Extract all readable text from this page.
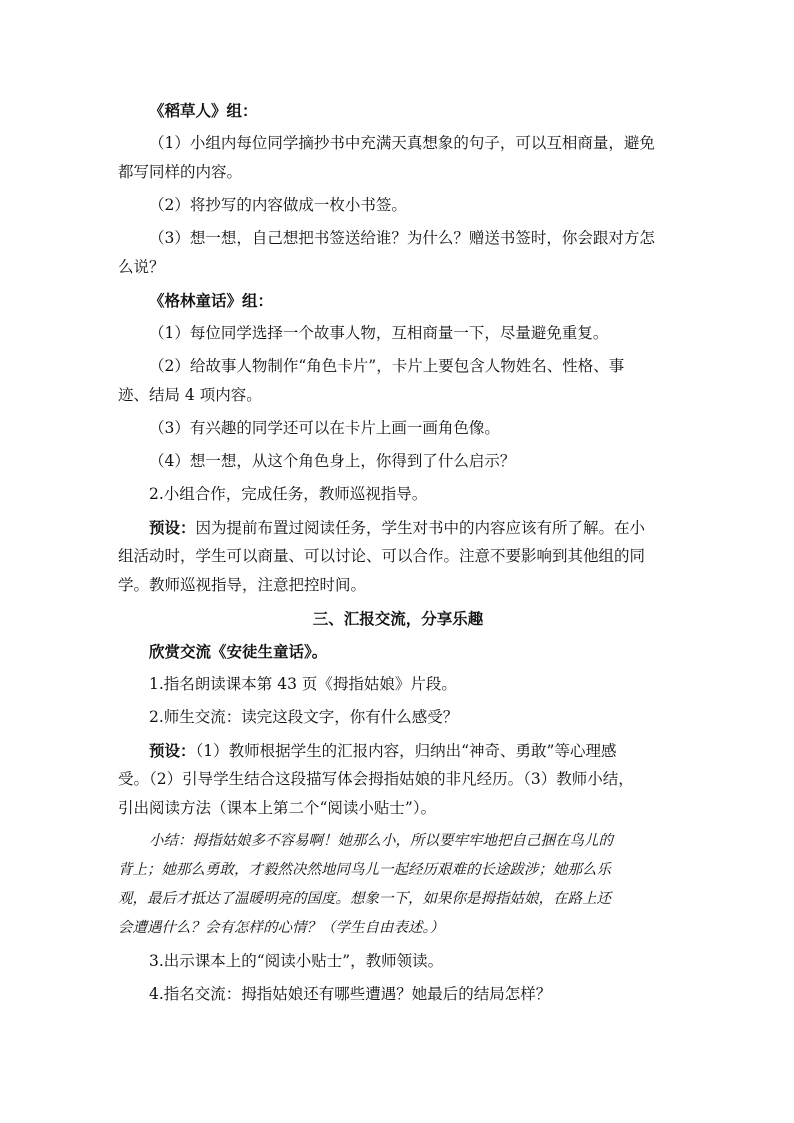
《稻草人》组：

（1）小组内每位同学摘抄书中充满天真想象的句子，可以互相商量，避免

都写同样的内容。

（2）将抄写的内容做成一枚小书签。

（3）想一想，自己想把书签送给谁？为什么？赠送书签时，你会跟对方怎

么说？

《格林童话》组：

（1）每位同学选择一个故事人物，互相商量一下，尽量避免重复。

（2）给故事人物制作“角色卡片”，卡片上要包含人物姓名、性格、事

迹、结局 4 项内容。

（3）有兴趣的同学还可以在卡片上画一画角色像。

（4）想一想，从这个角色身上，你得到了什么启示？

2.小组合作，完成任务，教师巡视指导。

预设：因为提前布置过阅读任务，学生对书中的内容应该有所了解。在小

组活动时，学生可以商量、可以讨论、可以合作。注意不要影响到其他组的同

学。教师巡视指导，注意把控时间。

三、汇报交流，分享乐趣

欣赏交流《安徒生童话》。

1.指名朗读课本第 43 页《拇指姑娘》片段。

2.师生交流：读完这段文字，你有什么感受？

预设：（1）教师根据学生的汇报内容，归纳出“神奇、勇敢”等心理感

受。（2）引导学生结合这段描写体会拇指姑娘的非凡经历。（3）教师小结，

引出阅读方法（课本上第二个“阅读小贴士”）。

小结：拇指姑娘多不容易啊！她那么小，所以要牢牢地把自己捆在鸟儿的

背上；她那么勇敢，才毅然决然地同鸟儿一起经历艰难的长途跋涉；她那么乐

观，最后才抵达了温暖明亮的国度。想象一下，如果你是拇指姑娘，在路上还

会遭遇什么？会有怎样的心情？（学生自由表述。）

3.出示课本上的“阅读小贴士”，教师领读。

4.指名交流：拇指姑娘还有哪些遭遇？她最后的结局怎样？
